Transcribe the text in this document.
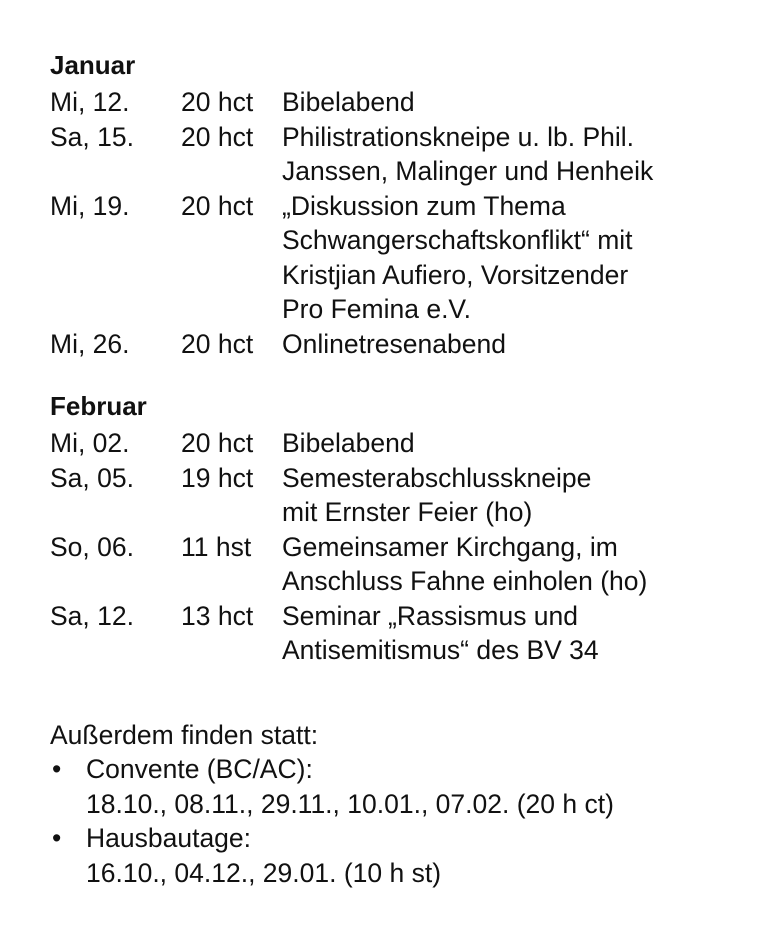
Januar
Mi, 12.	20 hct	Bibelabend
Sa, 15.	20 hct	Philistrationskneipe u. lb. Phil.
Janssen, Malinger und Henheik
Mi, 19.	20 hct	„Diskussion zum Thema
Schwangerschaftskonflikt“ mit
Kristjian Aufiero, Vorsitzender
Pro Femina e.V.
Mi, 26.	20 hct	Onlinetresenabend
Februar
Mi, 02.	20 hct	Bibelabend
Sa, 05.	19 hct	Semesterabschlusskneipe
mit Ernster Feier (ho)
So, 06.	11 hst	Gemeinsamer Kirchgang, im
Anschluss Fahne einholen (ho)
Sa, 12.	13 hct	Seminar „Rassismus und
Antisemitismus“ des BV 34
Außerdem finden statt:
• Convente (BC/AC):
18.10., 08.11., 29.11., 10.01., 07.02. (20 h ct)
• Hausbautage:
16.10., 04.12., 29.01. (10 h st)
